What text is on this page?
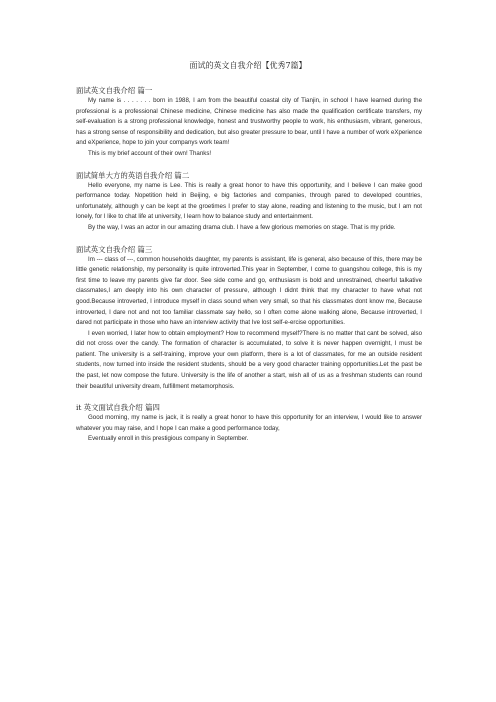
面试的英文自我介绍【优秀7篇】

面试英文自我介绍 篇一

My name is . . . . . . . born in 1988, I am from the beautiful coastal city of Tianjin, in school I have learned during the professional is a professional Chinese medicine, Chinese medicine has also made the qualification certificate transfers, my self-evaluation is a strong professional knowledge, honest and trustworthy people to work, his enthusiasm, vibrant, generous, has a strong sense of responsibility and dedication, but also greater pressure to bear, until I have a number of work eXperience and eXperience, hope to join your companys work team!

This is my brief account of their own! Thanks!

面试简单大方的英语自我介绍 篇二

Hello everyone, my name is Lee. This is really a great honor to have this opportunity, and I believe I can make good performance today. Nopetition held in Beijing, e big factories and companies, through pared to developed countries, unfortunately, although y can be kept at the groetimes I prefer to stay alone, reading and listening to the music, but I am not lonely, for I like to chat life at university, I learn how to balance study and entertainment.

By the way, I was an actor in our amazing drama club. I have a few glorious memories on stage. That is my pride.

面试英文自我介绍 篇三

Im --- class of ---, common households daughter, my parents is assistant, life is general, also because of this, there may be little genetic relationship, my personality is quite introverted.This year in September, I come to guangshou college, this is my first time to leave my parents give far door. See side come and go, enthusiasm is bold and unrestrained, cheerful talkative classmates,I am deeply into his own character of pressure, although I didnt think that my character to have what not good.Because introverted, I introduce myself in class sound when very small, so that his classmates dont know me, Because introverted, I dare not and not too familiar classmate say hello, so I often come alone walking alone, Because introverted, I dared not participate in those who have an interview activity that Ive lost self-e-ercise opportunities.

I even worried, I later how to obtain employment? How to recommend myself?There is no matter that cant be solved, also did not cross over the candy. The formation of character is accumulated, to solve it is never happen overnight, I must be patient. The university is a self-training, improve your own platform, there is a lot of classmates, for me an outside resident students, now turned into inside the resident students, should be a very good character training opportunities.Let the past be the past, let now compose the future. University is the life of another a start, wish all of us as a freshman students can round their beautiful university dream, fulfillment metamorphosis.

it 英文面试自我介绍 篇四

Good morning, my name is jack, it is really a great honor to have this opportunity for an interview, I would like to answer whatever you may raise, and I hope I can make a good performance today,

Eventually enroll in this prestigious company in September.
